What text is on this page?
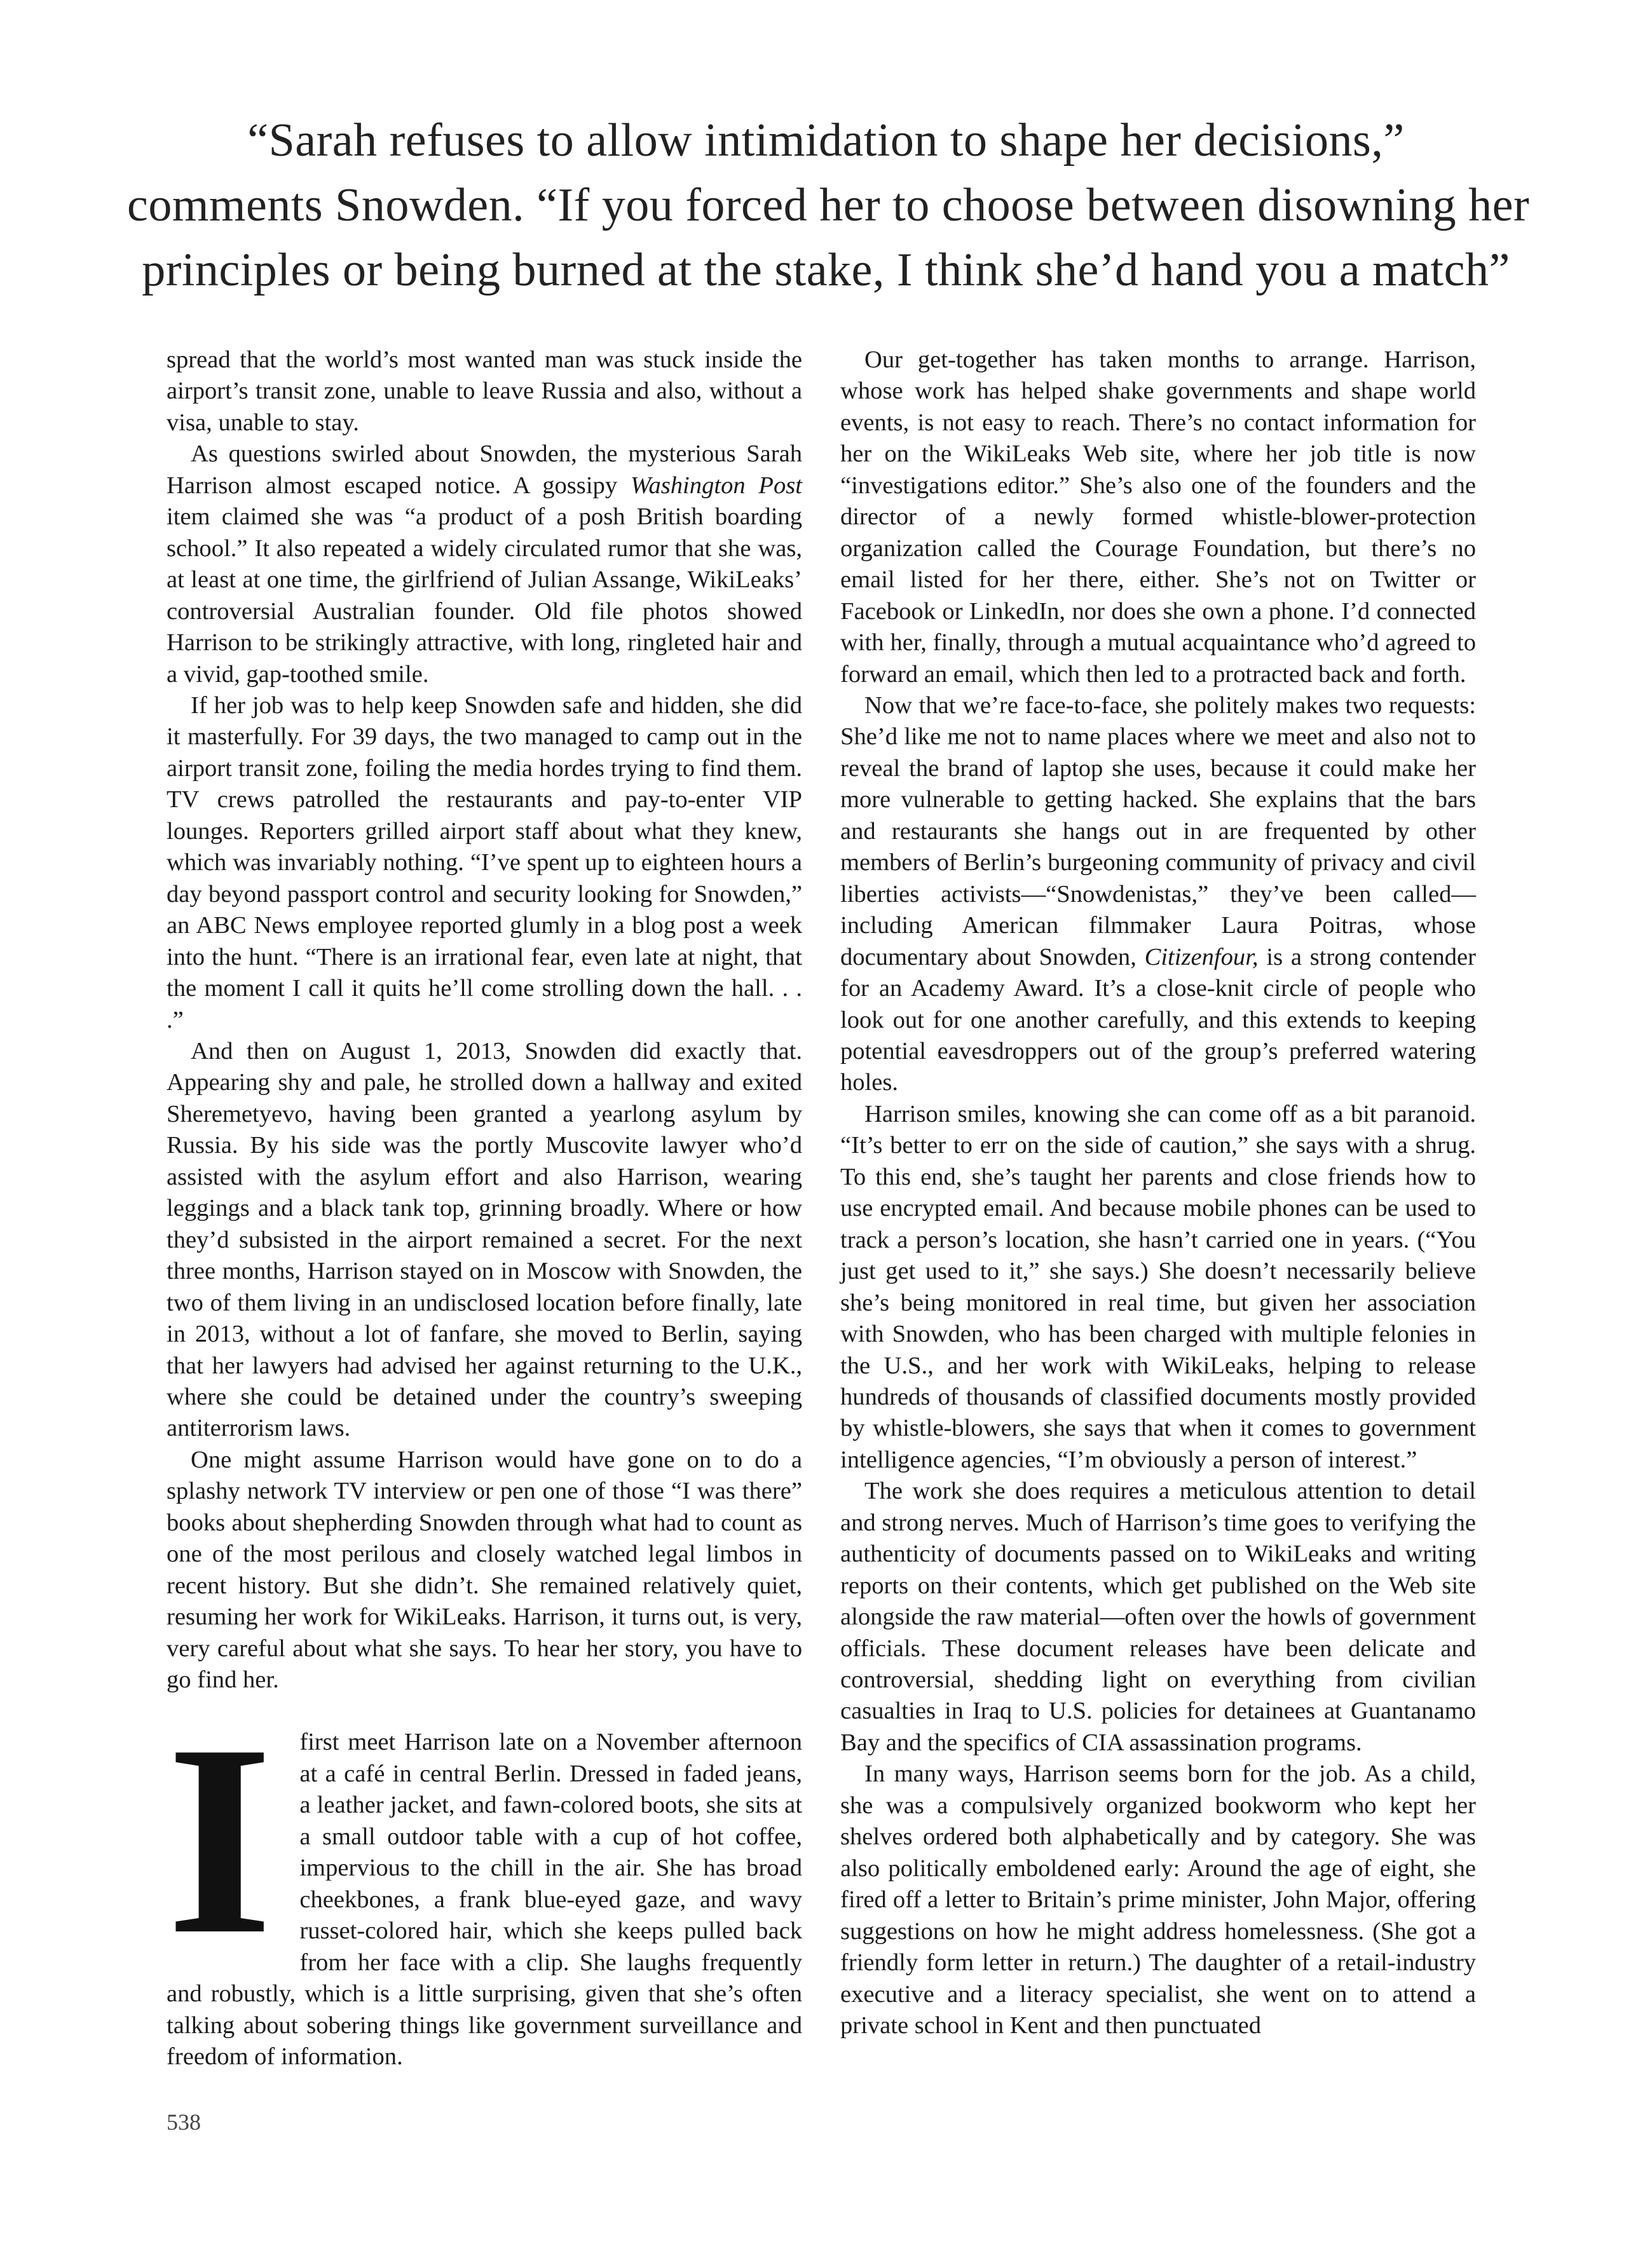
“Sarah refuses to allow intimidation to shape her decisions,”
comments Snowden. “If you forced her to choose between disowning her
principles or being burned at the stake, I think she’d hand you a match”

spread that the world’s most wanted man was stuck inside the airport’s transit zone, unable to leave Russia and also, without a visa, unable to stay.

As questions swirled about Snowden, the mysterious Sarah Harrison almost escaped notice. A gossipy Washington Post item claimed she was “a product of a posh British boarding school.” It also repeated a widely circulated rumor that she was, at least at one time, the girlfriend of Julian Assange, WikiLeaks’ controversial Australian founder. Old file photos showed Harrison to be strikingly attractive, with long, ringleted hair and a vivid, gap-toothed smile.

If her job was to help keep Snowden safe and hidden, she did it masterfully. For 39 days, the two managed to camp out in the airport transit zone, foiling the media hordes trying to find them. TV crews patrolled the restaurants and pay-to-enter VIP lounges. Reporters grilled airport staff about what they knew, which was invariably nothing. “I’ve spent up to eighteen hours a day beyond passport control and security looking for Snowden,” an ABC News employee reported glumly in a blog post a week into the hunt. “There is an irrational fear, even late at night, that the moment I call it quits he’ll come strolling down the hall. . . .”

And then on August 1, 2013, Snowden did exactly that. Appearing shy and pale, he strolled down a hallway and exited Sheremetyevo, having been granted a yearlong asylum by Russia. By his side was the portly Muscovite lawyer who’d assisted with the asylum effort and also Harrison, wearing leggings and a black tank top, grinning broadly. Where or how they’d subsisted in the airport remained a secret. For the next three months, Harrison stayed on in Moscow with Snowden, the two of them living in an undisclosed location before finally, late in 2013, without a lot of fanfare, she moved to Berlin, saying that her lawyers had advised her against returning to the U.K., where she could be detained under the country’s sweeping antiterrorism laws.

One might assume Harrison would have gone on to do a splashy network TV interview or pen one of those “I was there” books about shepherding Snowden through what had to count as one of the most perilous and closely watched legal limbos in recent history. But she didn’t. She remained relatively quiet, resuming her work for WikiLeaks. Harrison, it turns out, is very, very careful about what she says. To hear her story, you have to go find her.

I first meet Harrison late on a November afternoon at a café in central Berlin. Dressed in faded jeans, a leather jacket, and fawn-colored boots, she sits at a small outdoor table with a cup of hot coffee, impervious to the chill in the air. She has broad cheekbones, a frank blue-eyed gaze, and wavy russet-colored hair, which she keeps pulled back from her face with a clip. She laughs frequently and robustly, which is a little surprising, given that she’s often talking about sobering things like government surveillance and freedom of information.

Our get-together has taken months to arrange. Harrison, whose work has helped shake governments and shape world events, is not easy to reach. There’s no contact information for her on the WikiLeaks Web site, where her job title is now “investigations editor.” She’s also one of the founders and the director of a newly formed whistle-blower-protection organization called the Courage Foundation, but there’s no email listed for her there, either. She’s not on Twitter or Facebook or LinkedIn, nor does she own a phone. I’d connected with her, finally, through a mutual acquaintance who’d agreed to forward an email, which then led to a protracted back and forth.

Now that we’re face-to-face, she politely makes two requests: She’d like me not to name places where we meet and also not to reveal the brand of laptop she uses, because it could make her more vulnerable to getting hacked. She explains that the bars and restaurants she hangs out in are frequented by other members of Berlin’s burgeoning community of privacy and civil liberties activists—“Snowdenistas,” they’ve been called—including American filmmaker Laura Poitras, whose documentary about Snowden, Citizenfour, is a strong contender for an Academy Award. It’s a close-knit circle of people who look out for one another carefully, and this extends to keeping potential eavesdroppers out of the group’s preferred watering holes.

Harrison smiles, knowing she can come off as a bit paranoid. “It’s better to err on the side of caution,” she says with a shrug. To this end, she’s taught her parents and close friends how to use encrypted email. And because mobile phones can be used to track a person’s location, she hasn’t carried one in years. (“You just get used to it,” she says.) She doesn’t necessarily believe she’s being monitored in real time, but given her association with Snowden, who has been charged with multiple felonies in the U.S., and her work with WikiLeaks, helping to release hundreds of thousands of classified documents mostly provided by whistle-blowers, she says that when it comes to government intelligence agencies, “I’m obviously a person of interest.”

The work she does requires a meticulous attention to detail and strong nerves. Much of Harrison’s time goes to verifying the authenticity of documents passed on to WikiLeaks and writing reports on their contents, which get published on the Web site alongside the raw material—often over the howls of government officials. These document releases have been delicate and controversial, shedding light on everything from civilian casualties in Iraq to U.S. policies for detainees at Guantanamo Bay and the specifics of CIA assassination programs.

In many ways, Harrison seems born for the job. As a child, she was a compulsively organized bookworm who kept her shelves ordered both alphabetically and by category. She was also politically emboldened early: Around the age of eight, she fired off a letter to Britain’s prime minister, John Major, offering suggestions on how he might address homelessness. (She got a friendly form letter in return.) The daughter of a retail-industry executive and a literacy specialist, she went on to attend a private school in Kent and then punctuated

538
